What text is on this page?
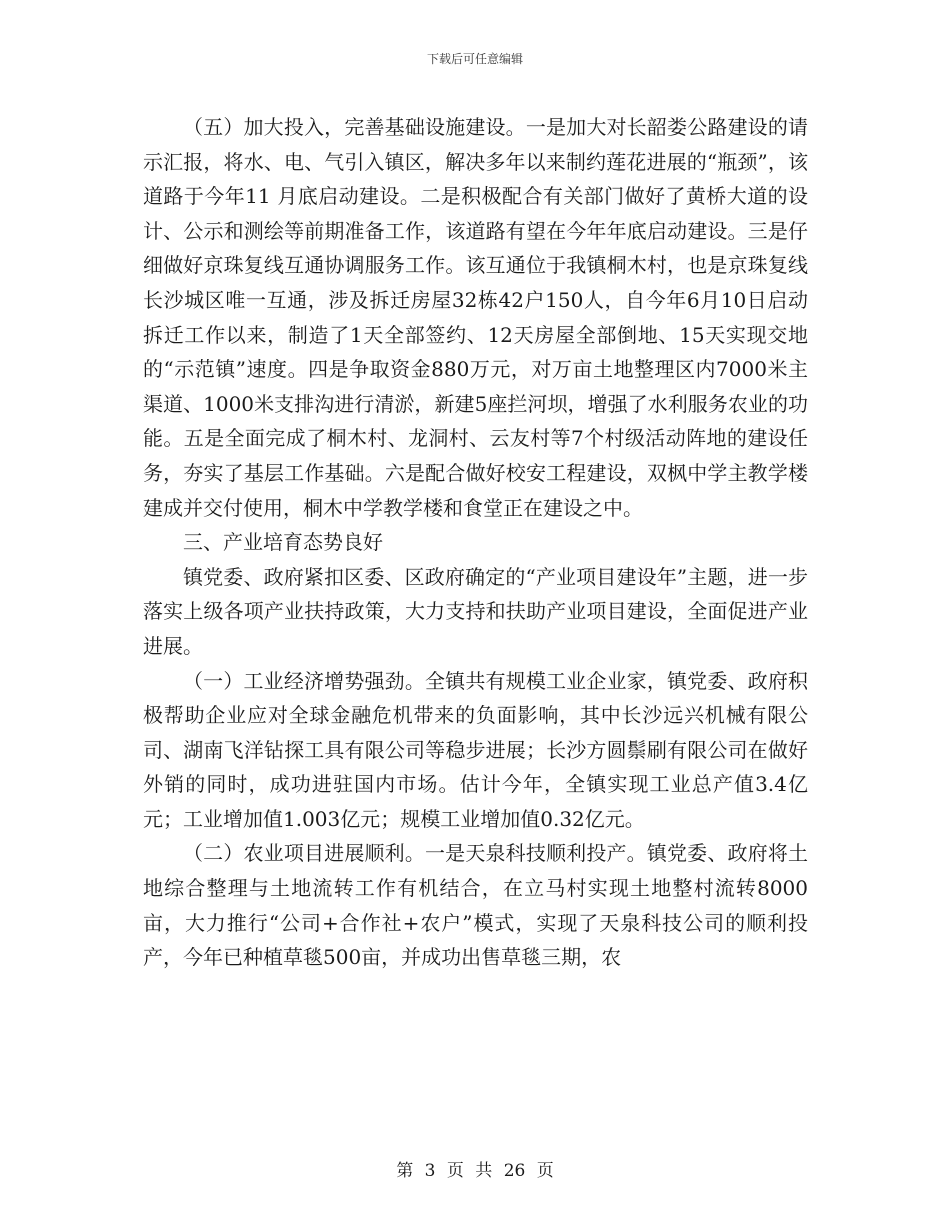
下载后可任意编辑

（五）加大投入，完善基础设施建设。一是加大对长韶娄公路建设的请示汇报，将水、电、气引入镇区，解决多年以来制约莲花进展的“瓶颈”，该道路于今年11 月底启动建设。二是积极配合有关部门做好了黄桥大道的设计、公示和测绘等前期准备工作，该道路有望在今年年底启动建设。三是仔细做好京珠复线互通协调服务工作。该互通位于我镇桐木村，也是京珠复线长沙城区唯一互通，涉及拆迁房屋32栋42户150人，自今年6月10日启动拆迁工作以来，制造了1天全部签约、12天房屋全部倒地、15天实现交地的“示范镇”速度。四是争取资金880万元，对万亩土地整理区内7000米主渠道、1000米支排沟进行清淤，新建5座拦河坝，增强了水利服务农业的功能。五是全面完成了桐木村、龙洞村、云友村等7个村级活动阵地的建设任务，夯实了基层工作基础。六是配合做好校安工程建设，双枫中学主教学楼建成并交付使用，桐木中学教学楼和食堂正在建设之中。

三、产业培育态势良好

镇党委、政府紧扣区委、区政府确定的“产业项目建设年”主题，进一步落实上级各项产业扶持政策，大力支持和扶助产业项目建设，全面促进产业进展。

（一）工业经济增势强劲。全镇共有规模工业企业家，镇党委、政府积极帮助企业应对全球金融危机带来的负面影响，其中长沙远兴机械有限公司、湖南飞洋钻探工具有限公司等稳步进展；长沙方圆鬃刷有限公司在做好外销的同时，成功进驻国内市场。估计今年，全镇实现工业总产值3.4亿元；工业增加值1.003亿元；规模工业增加值0.32亿元。

（二）农业项目进展顺利。一是天泉科技顺利投产。镇党委、政府将土地综合整理与土地流转工作有机结合，在立马村实现土地整村流转8000亩，大力推行“公司+合作社+农户”模式，实现了天泉科技公司的顺利投产，今年已种植草毯500亩，并成功出售草毯三期，农

第 3 页 共 26 页
